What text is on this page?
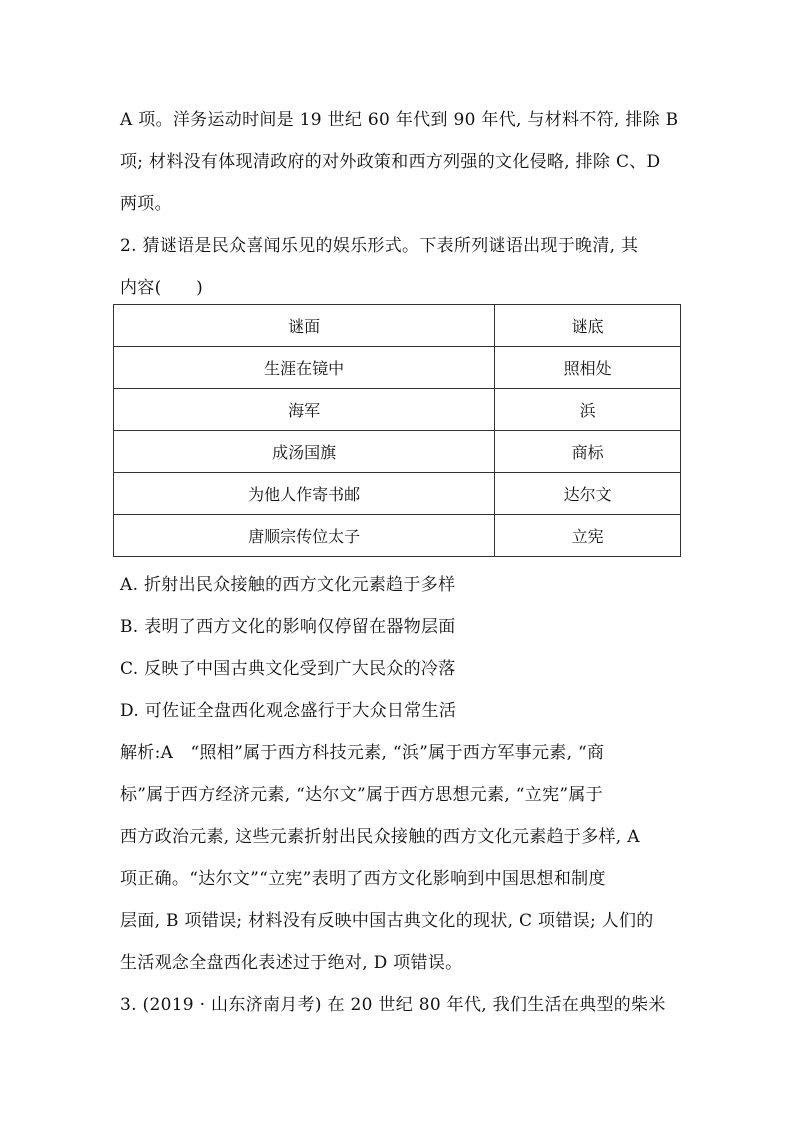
A 项。洋务运动时间是 19 世纪 60 年代到 90 年代, 与材料不符, 排除 B
项; 材料没有体现清政府的对外政策和西方列强的文化侵略, 排除 C、D
两项。
2. 猜谜语是民众喜闻乐见的娱乐形式。下表所列谜语出现于晚清, 其
内容(　　)
谜面	谜底
生涯在镜中	照相处
海军	浜
成汤国旗	商标
为他人作寄书邮	达尔文
唐顺宗传位太子	立宪
A. 折射出民众接触的西方文化元素趋于多样
B. 表明了西方文化的影响仅停留在器物层面
C. 反映了中国古典文化受到广大民众的冷落
D. 可佐证全盘西化观念盛行于大众日常生活
解析:A　“照相”属于西方科技元素, “浜”属于西方军事元素, “商
标”属于西方经济元素, “达尔文”属于西方思想元素, “立宪”属于
西方政治元素, 这些元素折射出民众接触的西方文化元素趋于多样, A
项正确。“达尔文”“立宪”表明了西方文化影响到中国思想和制度
层面, B 项错误; 材料没有反映中国古典文化的现状, C 项错误; 人们的
生活观念全盘西化表述过于绝对, D 项错误。
3. (2019 · 山东济南月考) 在 20 世纪 80 年代, 我们生活在典型的柴米
